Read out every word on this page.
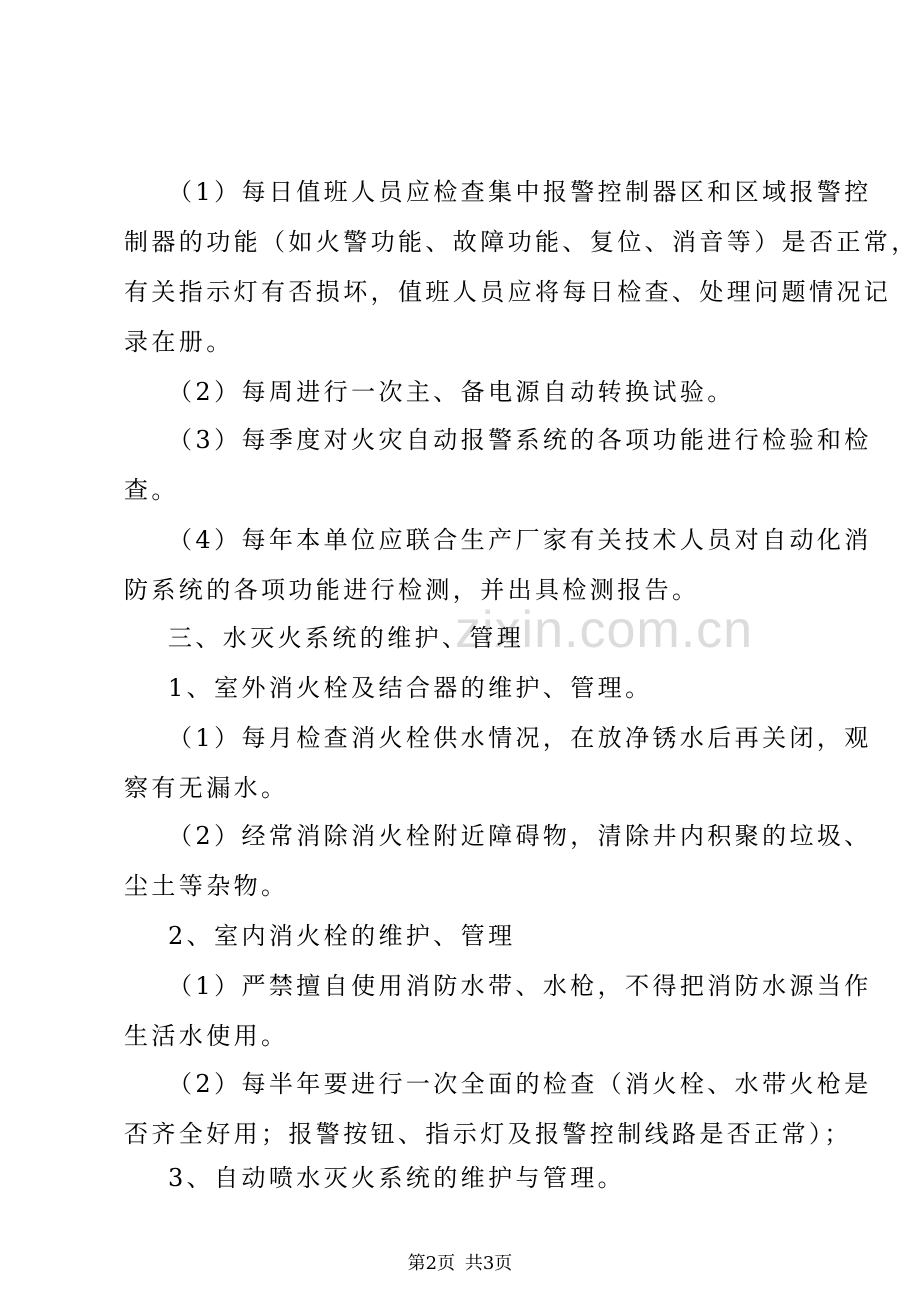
zixin.com.cn
（1）每日值班人员应检查集中报警控制器区和区域报警控
制器的功能（如火警功能、故障功能、复位、消音等）是否正常，
有关指示灯有否损坏，值班人员应将每日检查、处理问题情况记
录在册。
（2）每周进行一次主、备电源自动转换试验。
（3）每季度对火灾自动报警系统的各项功能进行检验和检
查。
（4）每年本单位应联合生产厂家有关技术人员对自动化消
防系统的各项功能进行检测，并出具检测报告。
三、水灭火系统的维护、管理
1、室外消火栓及结合器的维护、管理。
（1）每月检查消火栓供水情况，在放净锈水后再关闭，观
察有无漏水。
（2）经常消除消火栓附近障碍物，清除井内积聚的垃圾、
尘土等杂物。
2、室内消火栓的维护、管理
（1）严禁擅自使用消防水带、水枪，不得把消防水源当作
生活水使用。
（2）每半年要进行一次全面的检查（消火栓、水带火枪是
否齐全好用；报警按钮、指示灯及报警控制线路是否正常）；
3、自动喷水灭火系统的维护与管理。
第2页 共3页
